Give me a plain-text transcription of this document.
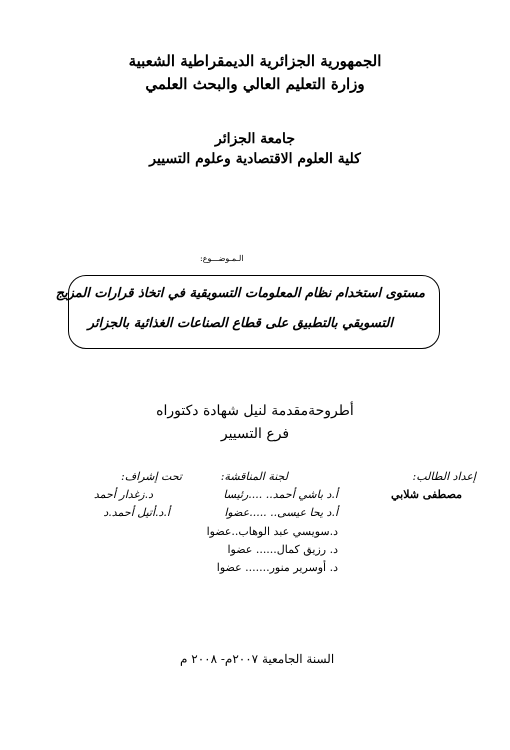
الجمهورية الجزائرية الديمقراطية الشعبية
وزارة التعليم العالي والبحث العلمي
جامعة الجزائر
كلية العلوم الاقتصادية وعلوم التسيير
الـمـوضـــوع:
مستوى استخدام نظام المعلومات التسويقية في اتخاذ قرارات المزيج
التسويقي بالتطبيق على قطاع الصناعات الغذائية بالجزائر
أطروحةمقدمة لنيل شهادة دكتوراه
فرع التسيير
إعداد الطالب:
مصطفى شلابي
لجنة المناقشة:
أ.د باشي أحمد.. ....رئيسا
أ.د يحا عيسى.. .....عضوا
د.سويسي عبد الوهاب..عضوا
د. رزيق كمال...... عضوا
د. أوسرير منور....... عضوا
تحت إشراف:
د.زغدار أحمد
أ.د.أتيل أحمد.د
السنة الجامعية ٢٠٠٧م- ٢٠٠٨ م
